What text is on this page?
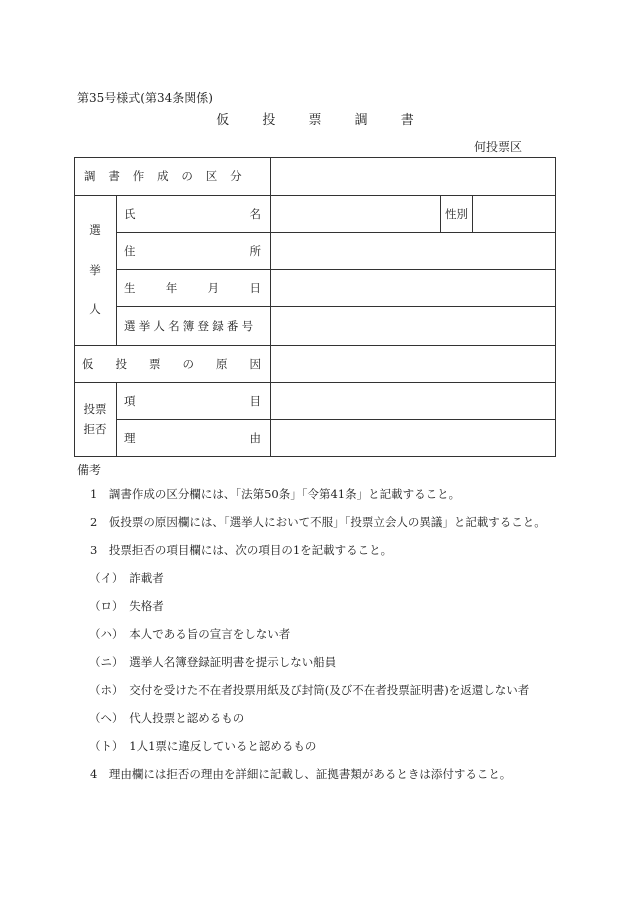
第35号様式(第34条関係)
仮	投	票	調	書
何投票区
調 書 作 成 の 区 分
選
挙
人
氏	名	性別
住	所
生	年	月	日
選挙人名簿登録番号
仮 投 票 の 原 因
投票
拒否
項	目
理	由
備考
1　調書作成の区分欄には、「法第50条」「令第41条」と記載すること。
2　仮投票の原因欄には、「選挙人において不服」「投票立会人の異議」と記載すること。
3　投票拒否の項目欄には、次の項目の1を記載すること。
（イ）　詐載者
（ロ）　失格者
（ハ）　本人である旨の宣言をしない者
（ニ）　選挙人名簿登録証明書を提示しない船員
（ホ）　交付を受けた不在者投票用紙及び封筒(及び不在者投票証明書)を返還しない者
（ヘ）　代人投票と認めるもの
（ト）　1人1票に違反していると認めるもの
4　理由欄には拒否の理由を詳細に記載し、証拠書類があるときは添付すること。
